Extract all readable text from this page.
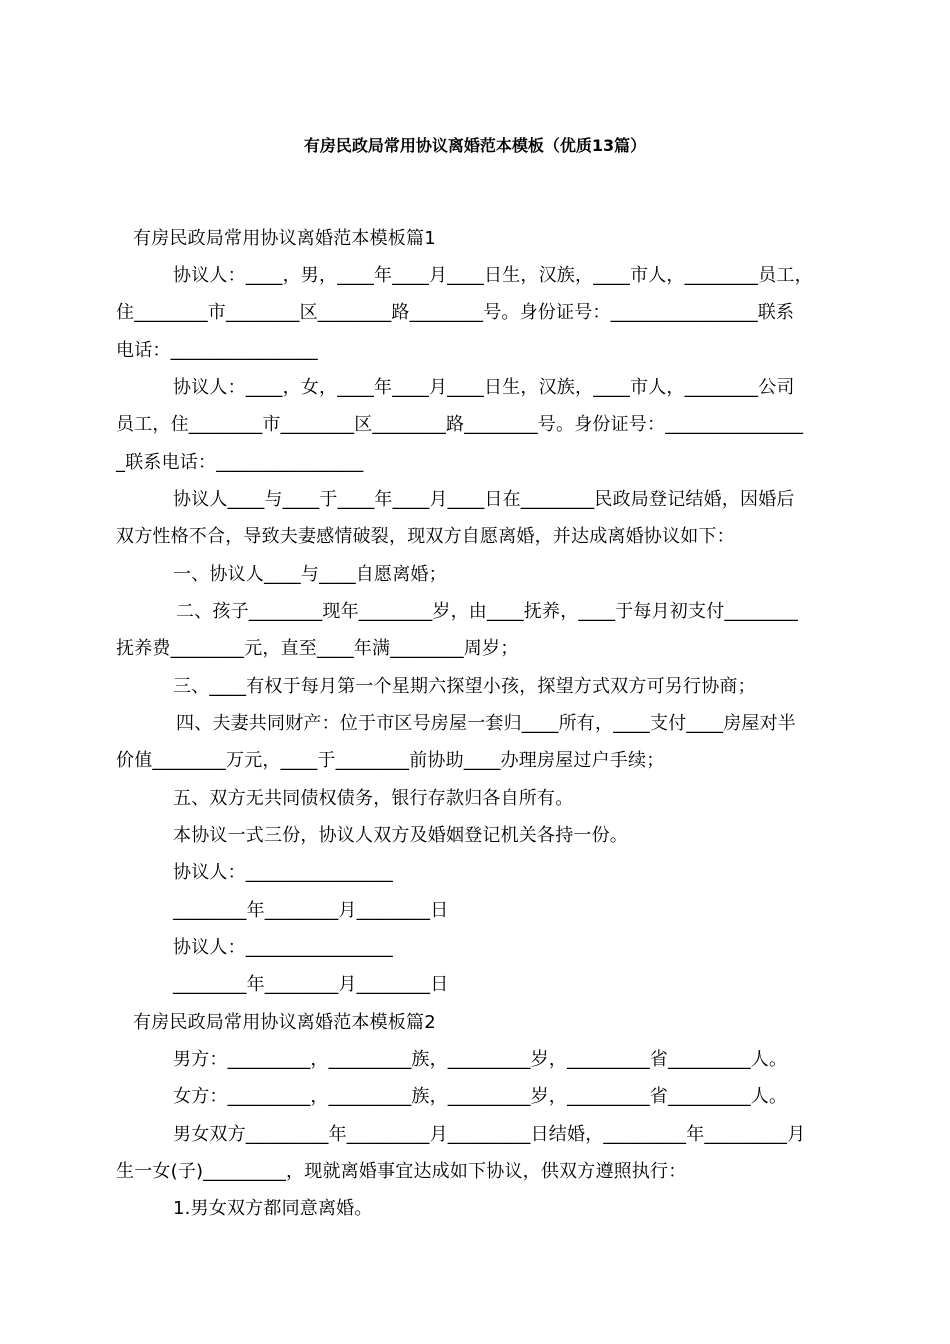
有房民政局常用协议离婚范本模板（优质13篇）
有房民政局常用协议离婚范本模板篇1
协议人：____，男，____年____月____日生，汉族，____市人，________员工，
住________市________区________路________号。身份证号：________________联系
电话：________________
协议人：____，女，____年____月____日生，汉族，____市人，________公司
员工，住________市________区________路________号。身份证号：_______________
_联系电话：________________
协议人____与____于____年____月____日在________民政局登记结婚，因婚后
双方性格不合，导致夫妻感情破裂，现双方自愿离婚，并达成离婚协议如下：
一、协议人____与____自愿离婚；
二、孩子________现年________岁，由____抚养，____于每月初支付________
抚养费________元，直至____年满________周岁；
三、____有权于每月第一个星期六探望小孩，探望方式双方可另行协商；
四、夫妻共同财产：位于市区号房屋一套归____所有，____支付____房屋对半
价值________万元，____于________前协助____办理房屋过户手续；
五、双方无共同债权债务，银行存款归各自所有。
本协议一式三份，协议人双方及婚姻登记机关各持一份。
协议人：________________
________年________月________日
协议人：________________
________年________月________日
有房民政局常用协议离婚范本模板篇2
男方：_________，_________族，_________岁，_________省_________人。
女方：_________，_________族，_________岁，_________省_________人。
男女双方_________年_________月_________日结婚，_________年_________月
生一女(子)_________，现就离婚事宜达成如下协议，供双方遵照执行：
1.男女双方都同意离婚。
